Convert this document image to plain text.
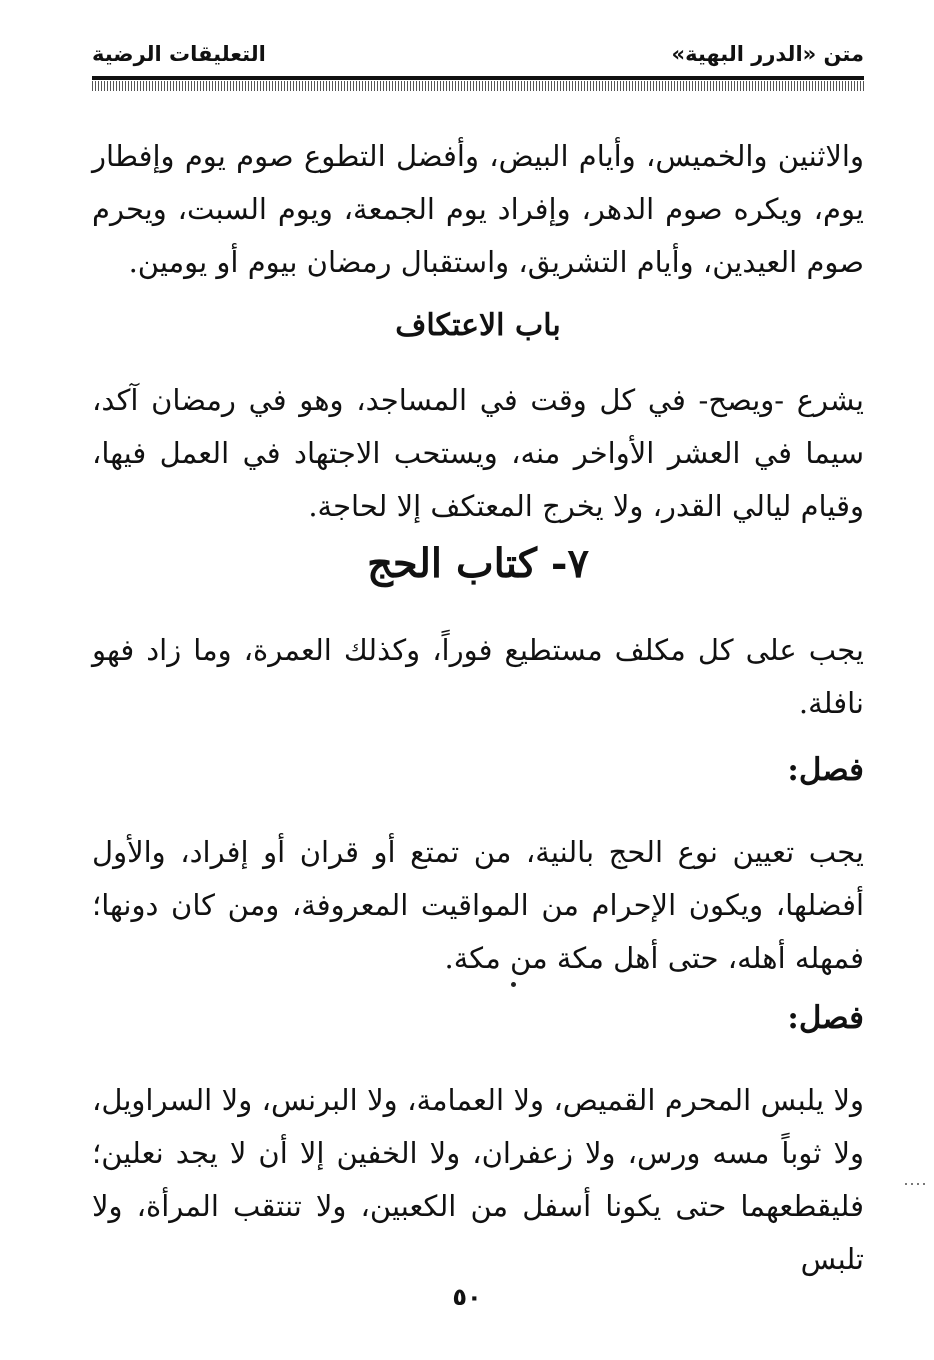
متن «الدرر البهية»
التعليقات الرضية

والاثنين والخميس، وأيام البيض، وأفضل التطوع صوم يوم وإفطار يوم، ويكره صوم الدهر، وإفراد يوم الجمعة، ويوم السبت، ويحرم صوم العيدين، وأيام التشريق، واستقبال رمضان بيوم أو يومين.

باب الاعتكاف

يشرع -ويصح- في كل وقت في المساجد، وهو في رمضان آكد، سيما في العشر الأواخر منه، ويستحب الاجتهاد في العمل فيها، وقيام ليالي القدر، ولا يخرج المعتكف إلا لحاجة.

٧- كتاب الحج

يجب على كل مكلف مستطيع فوراً، وكذلك العمرة، وما زاد فهو نافلة.

فصل:

يجب تعيين نوع الحج بالنية، من تمتع أو قران أو إفراد، والأول أفضلها، ويكون الإحرام من المواقيت المعروفة، ومن كان دونها؛ فمهله أهله، حتى أهل مكة من مكة.

فصل:

ولا يلبس المحرم القميص، ولا العمامة، ولا البرنس، ولا السراويل، ولا ثوباً مسه ورس، ولا زعفران، ولا الخفين إلا أن لا يجد نعلين؛ فليقطعهما حتى يكونا أسفل من الكعبين، ولا تنتقب المرأة، ولا تلبس

٥٠
